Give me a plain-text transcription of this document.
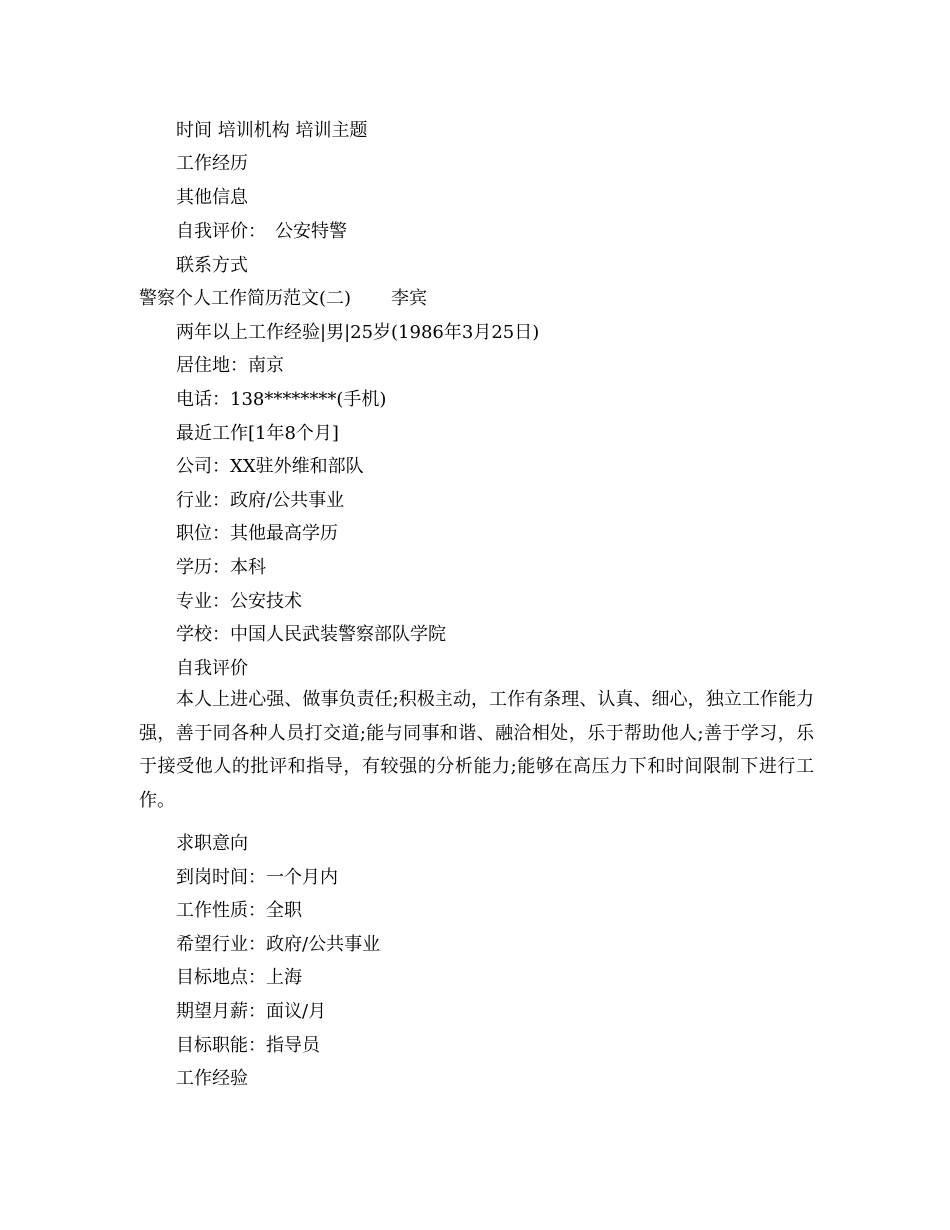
时间 培训机构 培训主题
工作经历
其他信息
自我评价：　公安特警
联系方式
警察个人工作简历范文(二) 李宾
两年以上工作经验|男|25岁(1986年3月25日)
居住地：南京
电话：138********(手机)
最近工作[1年8个月]
公司：XX驻外维和部队
行业：政府/公共事业
职位：其他最高学历
学历：本科
专业：公安技术
学校：中国人民武装警察部队学院
自我评价
本人上进心强、做事负责任;积极主动，工作有条理、认真、细心，独立工作能力强，善于同各种人员打交道;能与同事和谐、融洽相处，乐于帮助他人;善于学习，乐于接受他人的批评和指导，有较强的分析能力;能够在高压力下和时间限制下进行工作。
求职意向
到岗时间：一个月内
工作性质：全职
希望行业：政府/公共事业
目标地点：上海
期望月薪：面议/月
目标职能：指导员
工作经验
